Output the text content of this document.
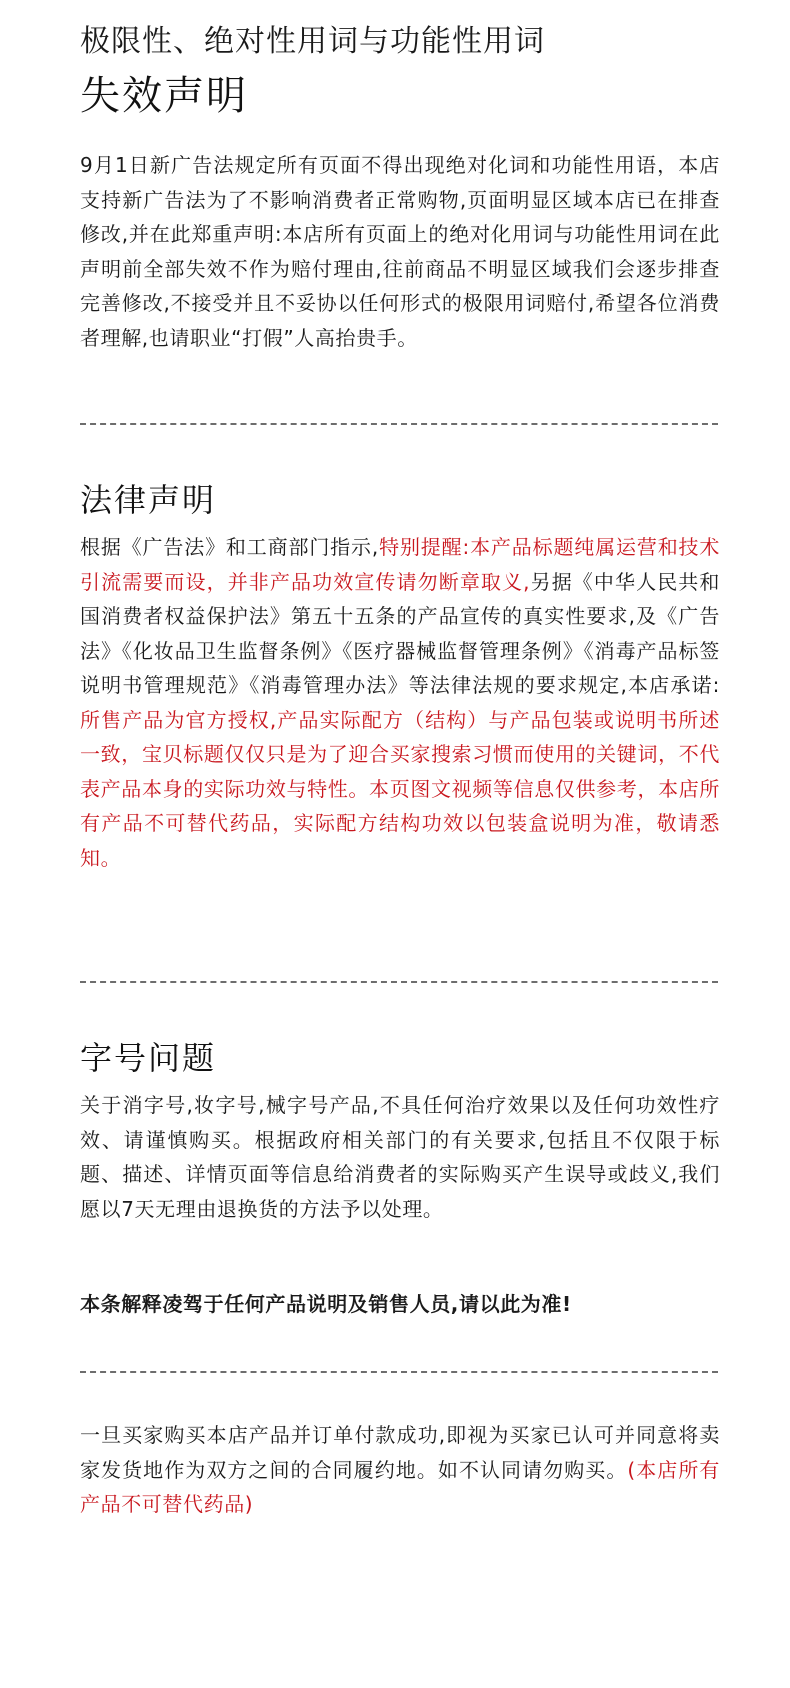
极限性、绝对性用词与功能性用词
失效声明
9月1日新广告法规定所有页面不得出现绝对化词和功能性用语，本店支持新广告法为了不影响消费者正常购物,页面明显区域本店已在排查修改,并在此郑重声明:本店所有页面上的绝对化用词与功能性用词在此声明前全部失效不作为赔付理由,往前商品不明显区域我们会逐步排查完善修改,不接受并且不妥协以任何形式的极限用词赔付,希望各位消费者理解,也请职业“打假”人高抬贵手。
法律声明
根据《广告法》和工商部门指示,特别提醒:本产品标题纯属运营和技术引流需要而设，并非产品功效宣传请勿断章取义,另据《中华人民共和国消费者权益保护法》第五十五条的产品宣传的真实性要求,及《广告法》《化妆品卫生监督条例》《医疗器械监督管理条例》《消毒产品标签说明书管理规范》《消毒管理办法》等法律法规的要求规定,本店承诺:所售产品为官方授权,产品实际配方（结构）与产品包装或说明书所述一致，宝贝标题仅仅只是为了迎合买家搜索习惯而使用的关键词，不代表产品本身的实际功效与特性。本页图文视频等信息仅供参考，本店所有产品不可替代药品，实际配方结构功效以包装盒说明为准，敬请悉知。
字号问题
关于消字号,妆字号,械字号产品,不具任何治疗效果以及任何功效性疗效、请谨慎购买。根据政府相关部门的有关要求,包括且不仅限于标题、描述、详情页面等信息给消费者的实际购买产生误导或歧义,我们愿以7天无理由退换货的方法予以处理。
本条解释凌驾于任何产品说明及销售人员,请以此为准!
一旦买家购买本店产品并订单付款成功,即视为买家已认可并同意将卖家发货地作为双方之间的合同履约地。如不认同请勿购买。(本店所有产品不可替代药品)
